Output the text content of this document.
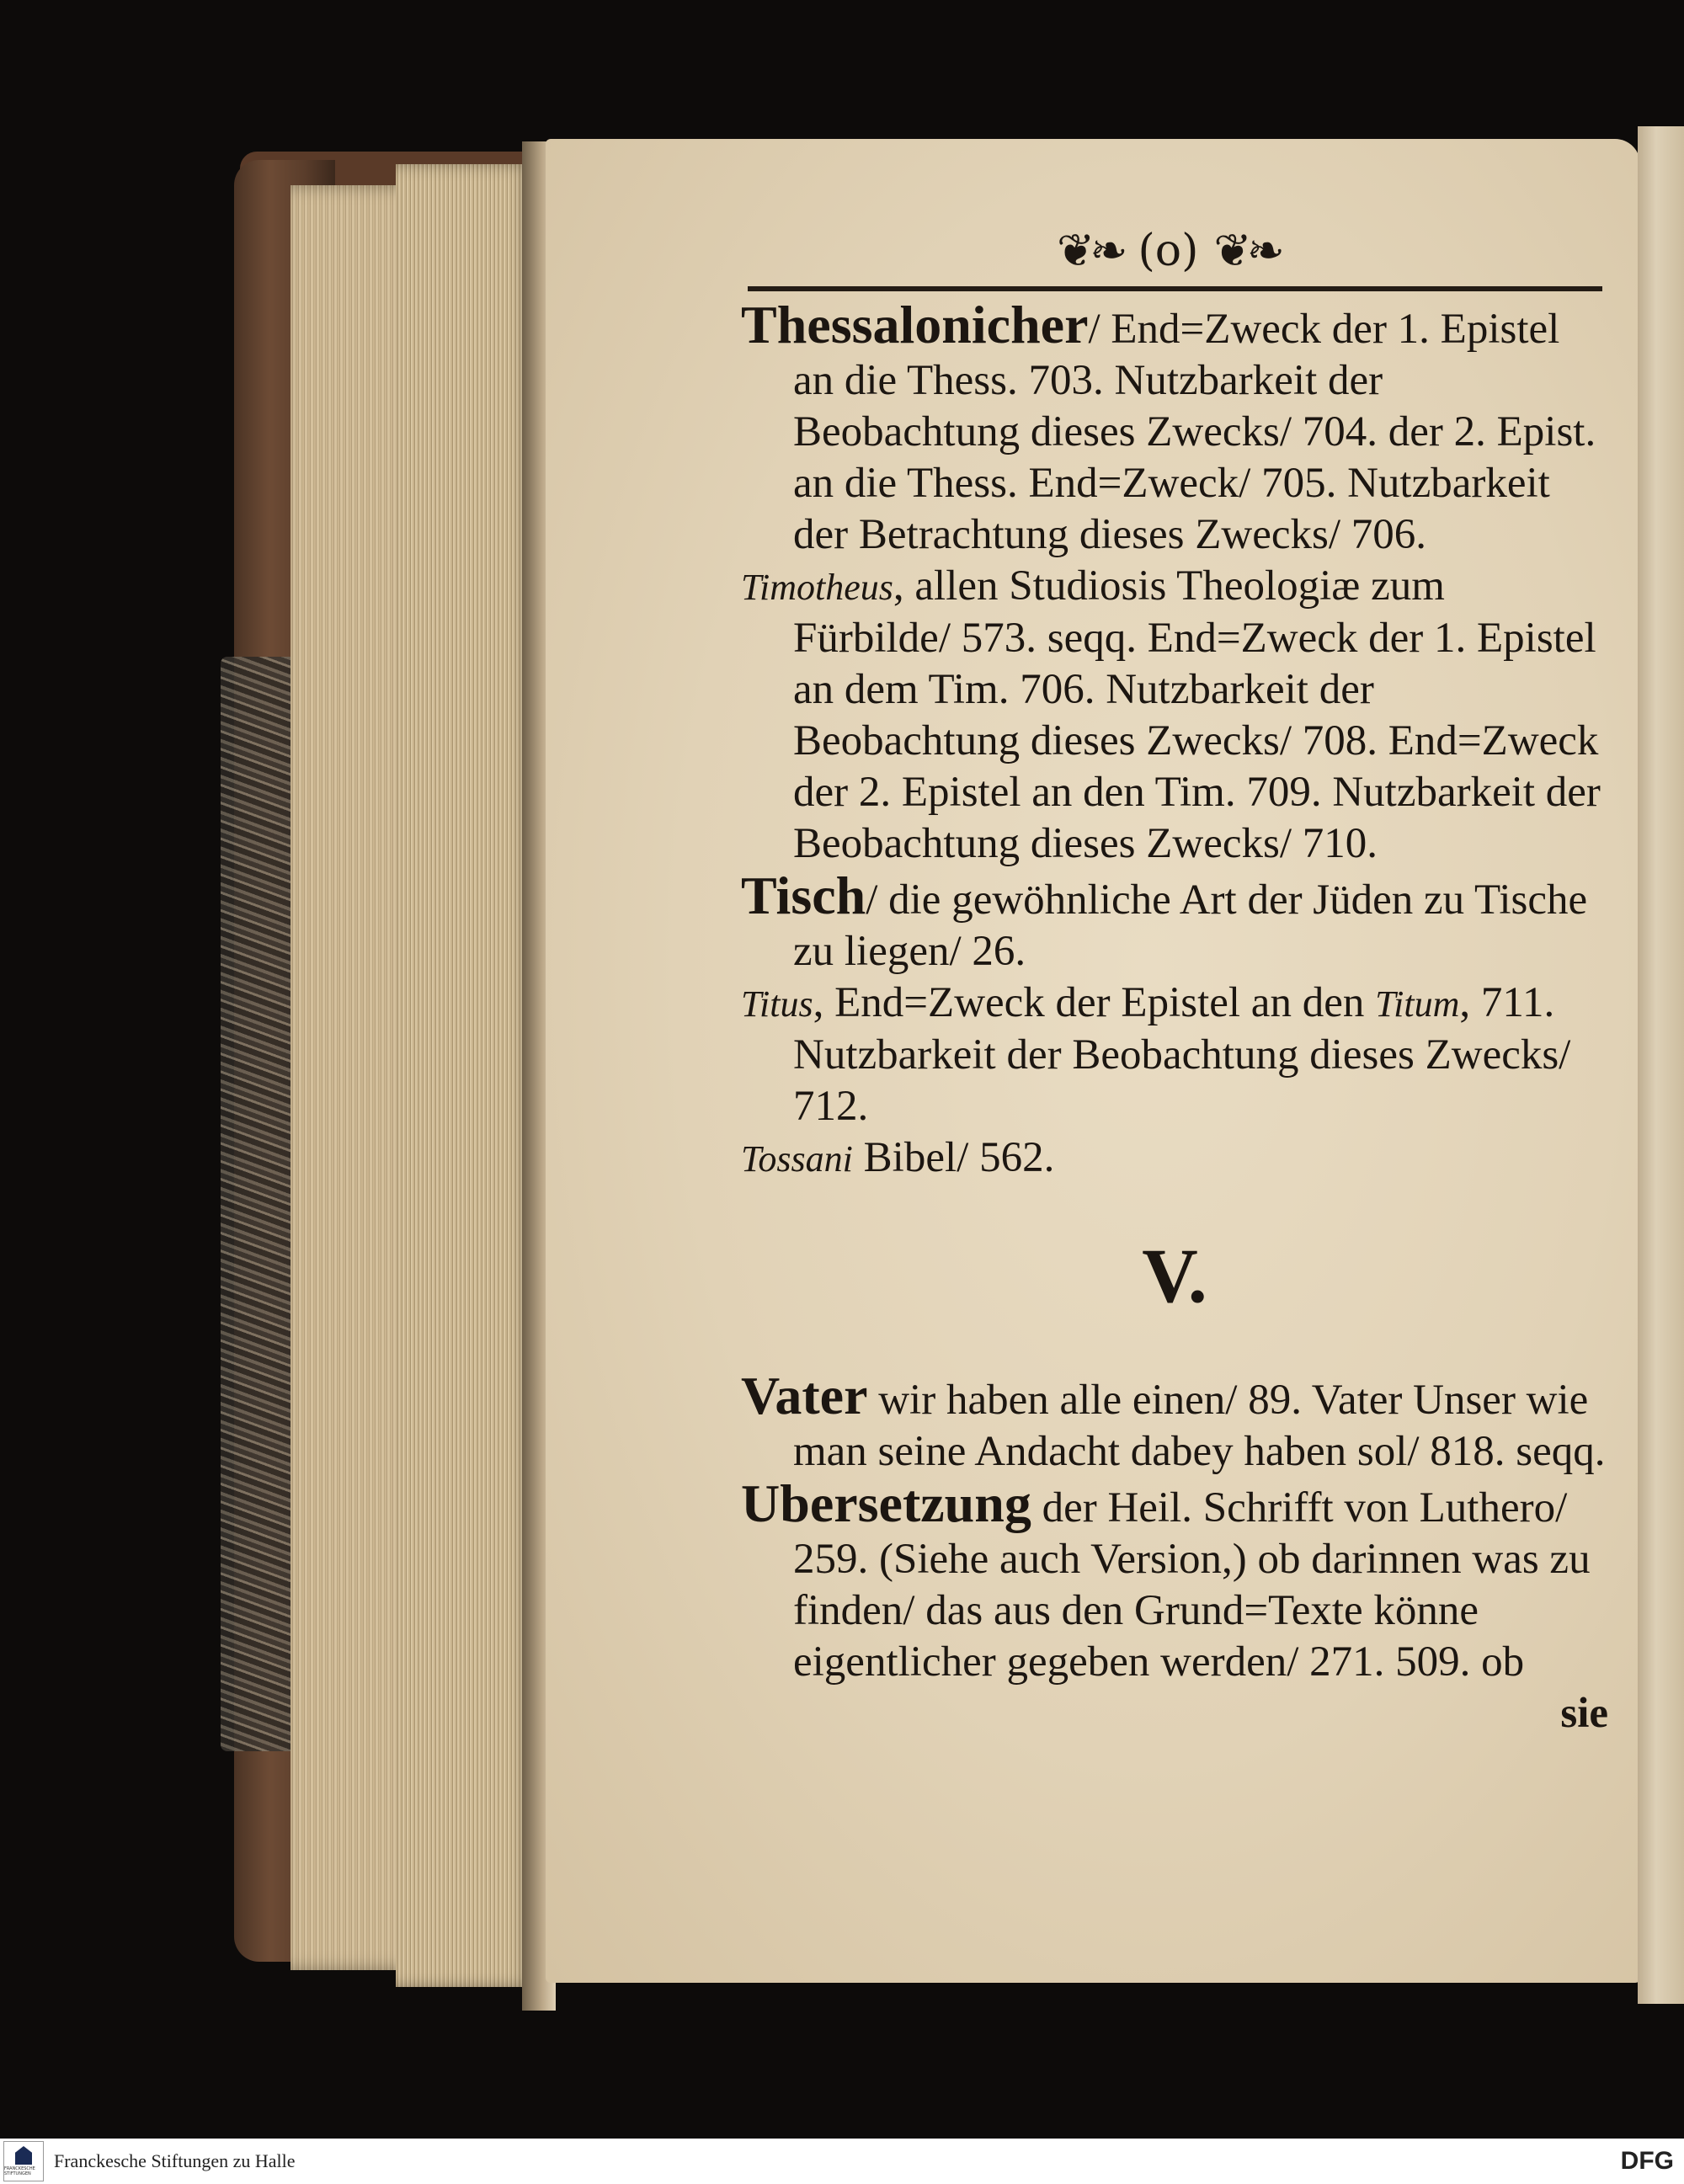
❦❧ (o) ❦❧

Thessalonicher/ End=Zweck der 1. Epistel an die Thess. 703. Nutzbarkeit der Beobachtung dieses Zwecks/ 704. der 2. Epist. an die Thess. End=Zweck/ 705. Nutzbarkeit der Betrachtung dieses Zwecks/ 706.

Timotheus, allen Studiosis Theologiæ zum Fürbilde/ 573. seqq. End=Zweck der 1. Epistel an dem Tim. 706. Nutzbarkeit der Beobachtung dieses Zwecks/ 708. End=Zweck der 2. Epistel an den Tim. 709. Nutzbarkeit der Beobachtung dieses Zwecks/ 710.

Tisch/ die gewöhnliche Art der Jüden zu Tische zu liegen/ 26.

Titus, End=Zweck der Epistel an den Titum, 711. Nutzbarkeit der Beobachtung dieses Zwecks/ 712.

Tossani Bibel/ 562.

V.

Vater wir haben alle einen/ 89. Vater Unser wie man seine Andacht dabey haben sol/ 818. seqq.

Ubersetzung der Heil. Schrifft von Luthero/ 259. (Siehe auch Version,) ob darinnen was zu finden/ das aus den Grund=Texte könne eigentlicher gegeben werden/ 271. 509. ob

sie
FRANCKESCHE STIFTUNGEN
Franckesche Stiftungen zu Halle	DFG
